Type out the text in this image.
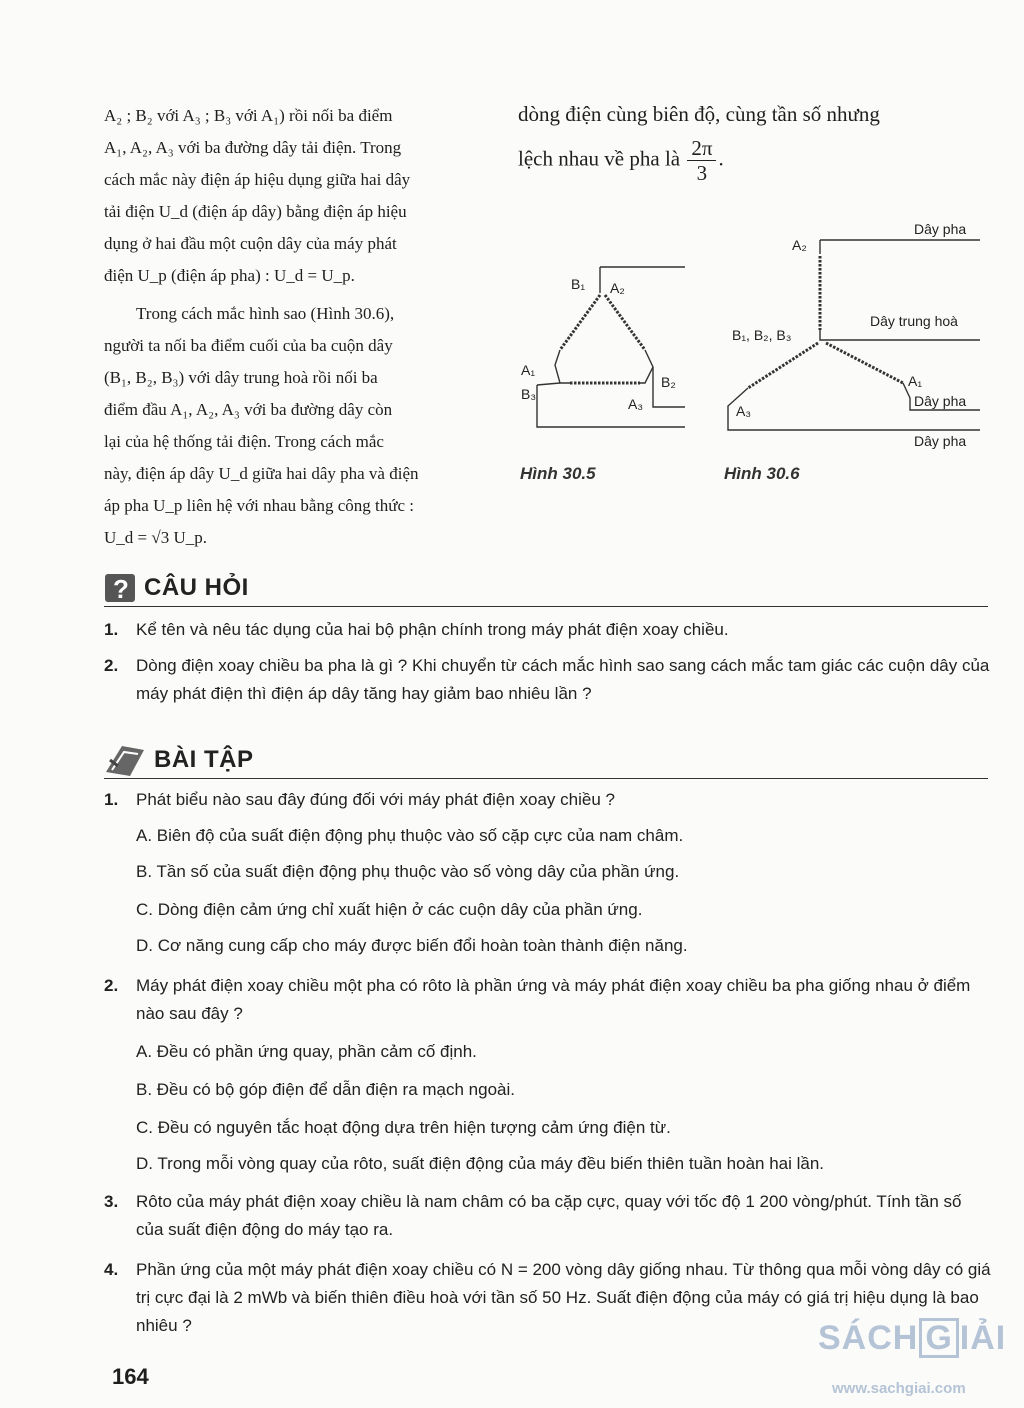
A₂ ; B₂ với A₃ ; B₃ với A₁) rồi nối ba điểm

A₁, A₂, A₃ với ba đường dây tải điện. Trong

cách mắc này điện áp hiệu dụng giữa hai dây

tải điện U_d (điện áp dây) bằng điện áp hiệu

dụng ở hai đầu một cuộn dây của máy phát

điện U_p (điện áp pha) : U_d = U_p.

Trong cách mắc hình sao (Hình 30.6),

người ta nối ba điểm cuối của ba cuộn dây

(B₁, B₂, B₃) với dây trung hoà rồi nối ba

điểm đầu A₁, A₂, A₃ với ba đường dây còn

lại của hệ thống tải điện. Trong cách mắc

này, điện áp dây U_d giữa hai dây pha và điện

áp pha U_p liên hệ với nhau bằng công thức :

U_d = √3 U_p.

dòng điện cùng biên độ, cùng tần số nhưng
lệch nhau về pha là $\frac{2\pi}{3}$ .
B₁ A₂
A₁
B₃
B₂
A₃
Hình 30.5
Dây pha
A₂
Dây trung hoà
B₁, B₂, B₃
A₁
Dây pha
A₃
Dây pha
Hình 30.6
? CÂU HỎI
1. Kể tên và nêu tác dụng của hai bộ phận chính trong máy phát điện xoay chiều.
2. Dòng điện xoay chiều ba pha là gì ? Khi chuyển từ cách mắc hình sao sang cách mắc tam giác các cuộn dây của máy phát điện thì điện áp dây tăng hay giảm bao nhiêu lần ?
BÀI TẬP
1. Phát biểu nào sau đây đúng đối với máy phát điện xoay chiều ?
A. Biên độ của suất điện động phụ thuộc vào số cặp cực của nam châm.
B. Tần số của suất điện động phụ thuộc vào số vòng dây của phần ứng.
C. Dòng điện cảm ứng chỉ xuất hiện ở các cuộn dây của phần ứng.
D. Cơ năng cung cấp cho máy được biến đổi hoàn toàn thành điện năng.
2. Máy phát điện xoay chiều một pha có rôto là phần ứng và máy phát điện xoay chiều ba pha giống nhau ở điểm nào sau đây ?
A. Đều có phần ứng quay, phần cảm cố định.
B. Đều có bộ góp điện để dẫn điện ra mạch ngoài.
C. Đều có nguyên tắc hoạt động dựa trên hiện tượng cảm ứng điện từ.
D. Trong mỗi vòng quay của rôto, suất điện động của máy đều biến thiên tuần hoàn hai lần.
3. Rôto của máy phát điện xoay chiều là nam châm có ba cặp cực, quay với tốc độ 1 200 vòng/phút. Tính tần số của suất điện động do máy tạo ra.
4. Phần ứng của một máy phát điện xoay chiều có N = 200 vòng dây giống nhau. Từ thông qua mỗi vòng dây có giá trị cực đại là 2 mWb và biến thiên điều hoà với tần số 50 Hz. Suất điện động của máy có giá trị hiệu dụng là bao nhiêu ?
164
SÁCH G IẢI
www.sachgiai.com
